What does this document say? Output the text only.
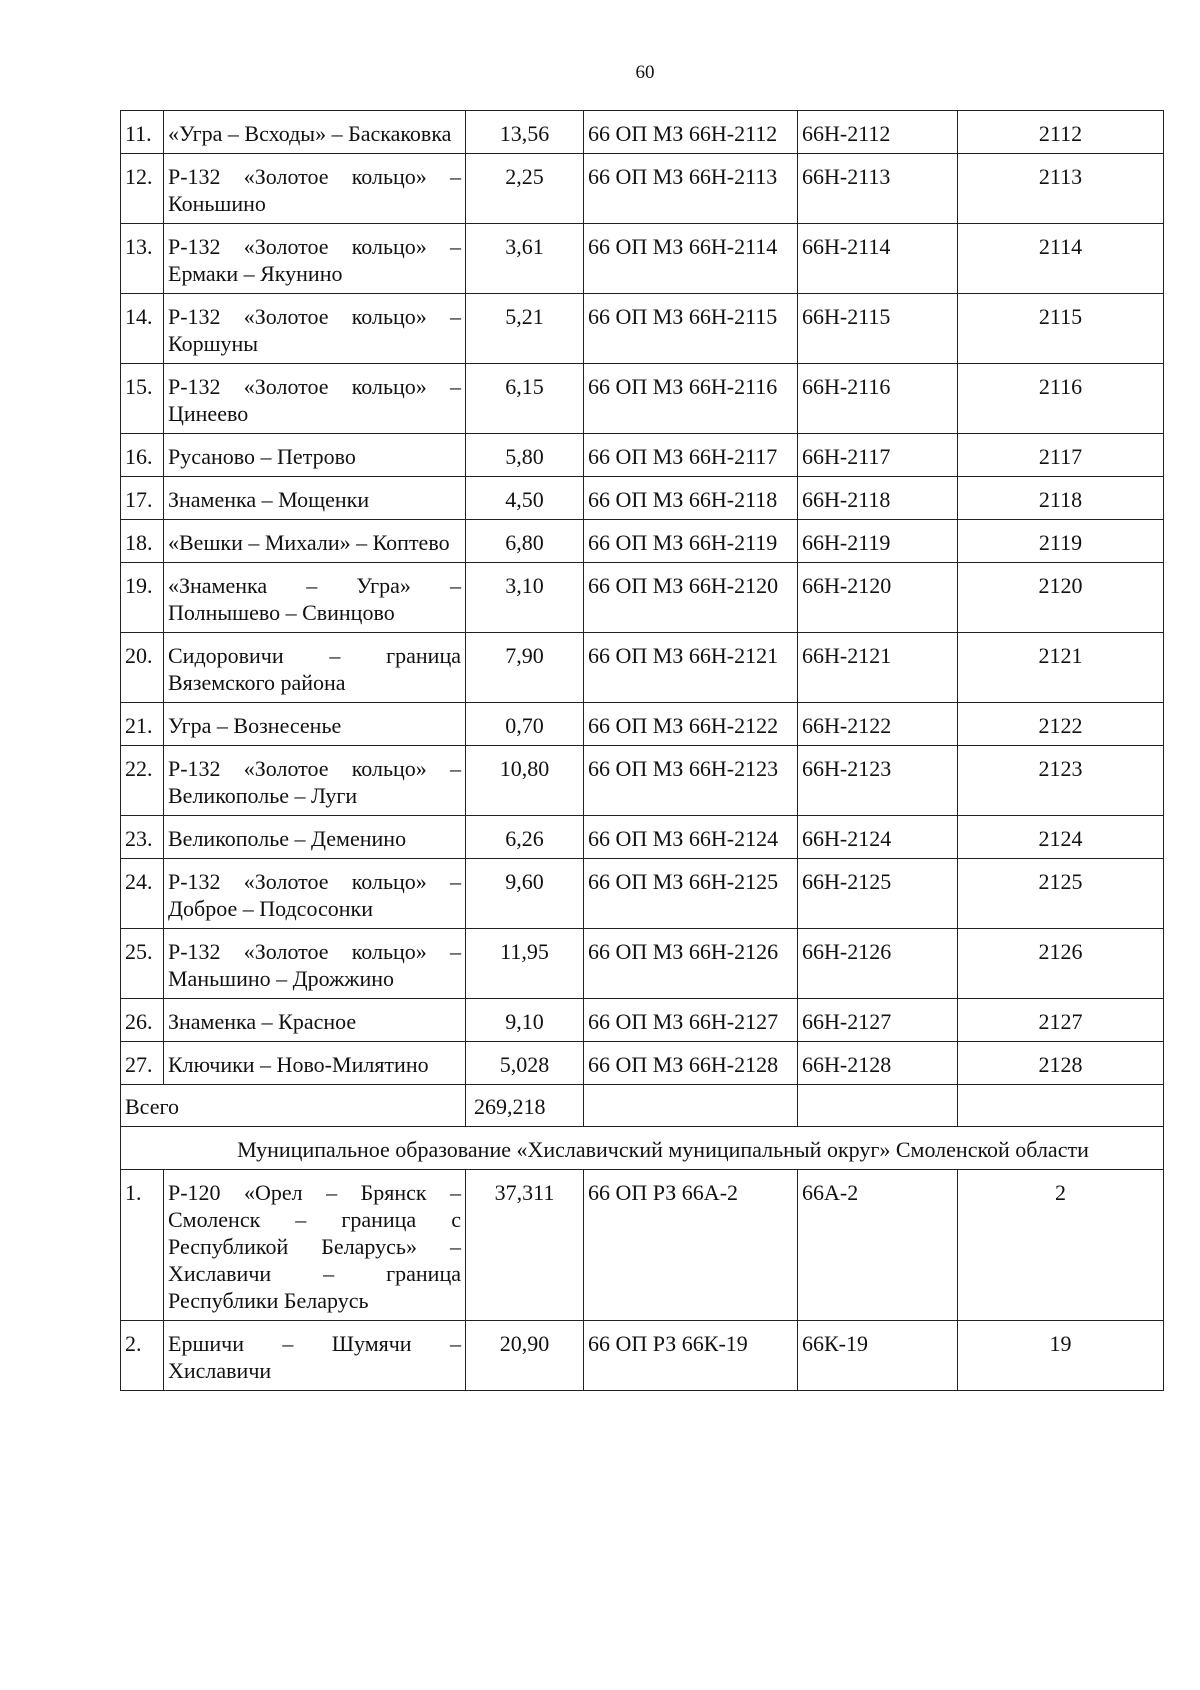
60
11.	«Угра – Всходы» – Баскаковка	13,56	66 ОП МЗ 66Н-2112	66Н-2112	2112
12.	Р-132 «Золотое кольцо» – Коньшино	2,25	66 ОП МЗ 66Н-2113	66Н-2113	2113
13.	Р-132 «Золотое кольцо» – Ермаки – Якунино	3,61	66 ОП МЗ 66Н-2114	66Н-2114	2114
14.	Р-132 «Золотое кольцо» – Коршуны	5,21	66 ОП МЗ 66Н-2115	66Н-2115	2115
15.	Р-132 «Золотое кольцо» – Цинеево	6,15	66 ОП МЗ 66Н-2116	66Н-2116	2116
16.	Русаново – Петрово	5,80	66 ОП МЗ 66Н-2117	66Н-2117	2117
17.	Знаменка – Мощенки	4,50	66 ОП МЗ 66Н-2118	66Н-2118	2118
18.	«Вешки – Михали» – Коптево	6,80	66 ОП МЗ 66Н-2119	66Н-2119	2119
19.	«Знаменка – Угра» – Полнышево – Свинцово	3,10	66 ОП МЗ 66Н-2120	66Н-2120	2120
20.	Сидоровичи – граница Вяземского района	7,90	66 ОП МЗ 66Н-2121	66Н-2121	2121
21.	Угра – Вознесенье	0,70	66 ОП МЗ 66Н-2122	66Н-2122	2122
22.	Р-132 «Золотое кольцо» – Великополье – Луги	10,80	66 ОП МЗ 66Н-2123	66Н-2123	2123
23.	Великополье – Деменино	6,26	66 ОП МЗ 66Н-2124	66Н-2124	2124
24.	Р-132 «Золотое кольцо» – Доброе – Подсосонки	9,60	66 ОП МЗ 66Н-2125	66Н-2125	2125
25.	Р-132 «Золотое кольцо» – Маньшино – Дрожжино	11,95	66 ОП МЗ 66Н-2126	66Н-2126	2126
26.	Знаменка – Красное	9,10	66 ОП МЗ 66Н-2127	66Н-2127	2127
27.	Ключики – Ново-Милятино	5,028	66 ОП МЗ 66Н-2128	66Н-2128	2128
Всего		269,218			
Муниципальное образование «Хиславичский муниципальный округ» Смоленской области					
1.	Р-120 «Орел – Брянск – Смоленск – граница с Республикой Беларусь» – Хиславичи – граница Республики Беларусь	37,311	66 ОП РЗ 66А-2	66А-2	2
2.	Ершичи – Шумячи – Хиславичи	20,90	66 ОП РЗ 66К-19	66К-19	19
